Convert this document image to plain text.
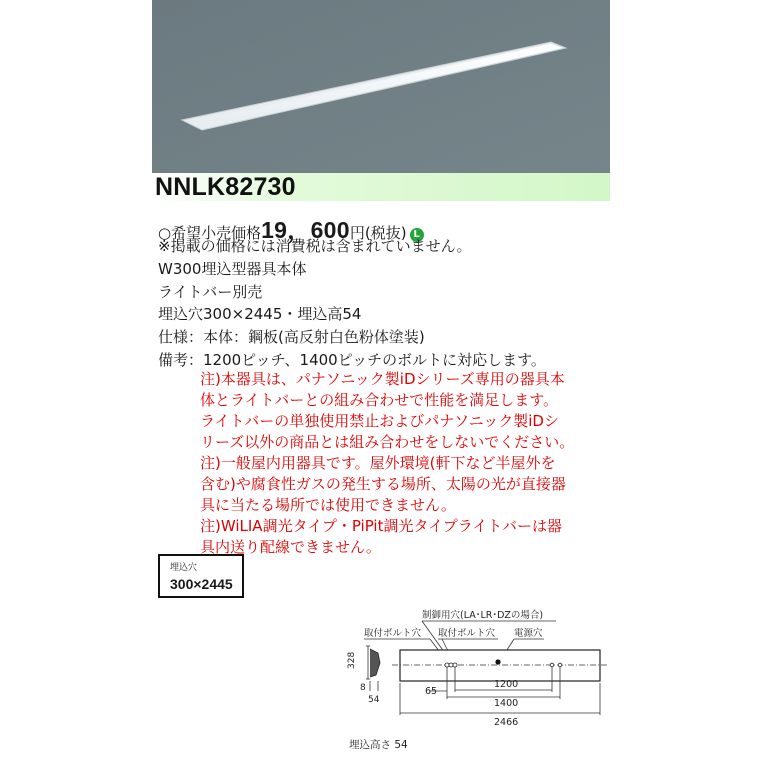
NNLK82730
○希望小売価格 19，600 円(税抜) L
※掲載の価格には消費税は含まれていません。
W300埋込型器具本体
ライトバー別売
埋込穴300×2445・埋込高54
仕様：本体：鋼板(高反射白色粉体塗装)
備考：1200ピッチ、1400ピッチのボルトに対応します。
注)本器具は、パナソニック製iDシリーズ専用の器具本
体とライトバーとの組み合わせで性能を満足します。
ライトバーの単独使用禁止およびパナソニック製iDシ
リーズ以外の商品とは組み合わせをしないでください。
注)一般屋内用器具です。屋外環境(軒下など半屋外を
含む)や腐食性ガスの発生する場所、太陽の光が直接器
具に当たる場所では使用できません。
注)WiLIA調光タイプ・PiPit調光タイプライトバーは器
具内送り配線できません。
埋込穴
300×2445
制御用穴(LA･LR･DZの場合)
取付ボルト穴 取付ボルト穴 電源穴
328
8
54
65
1200
1400
2466
埋込高さ 54
